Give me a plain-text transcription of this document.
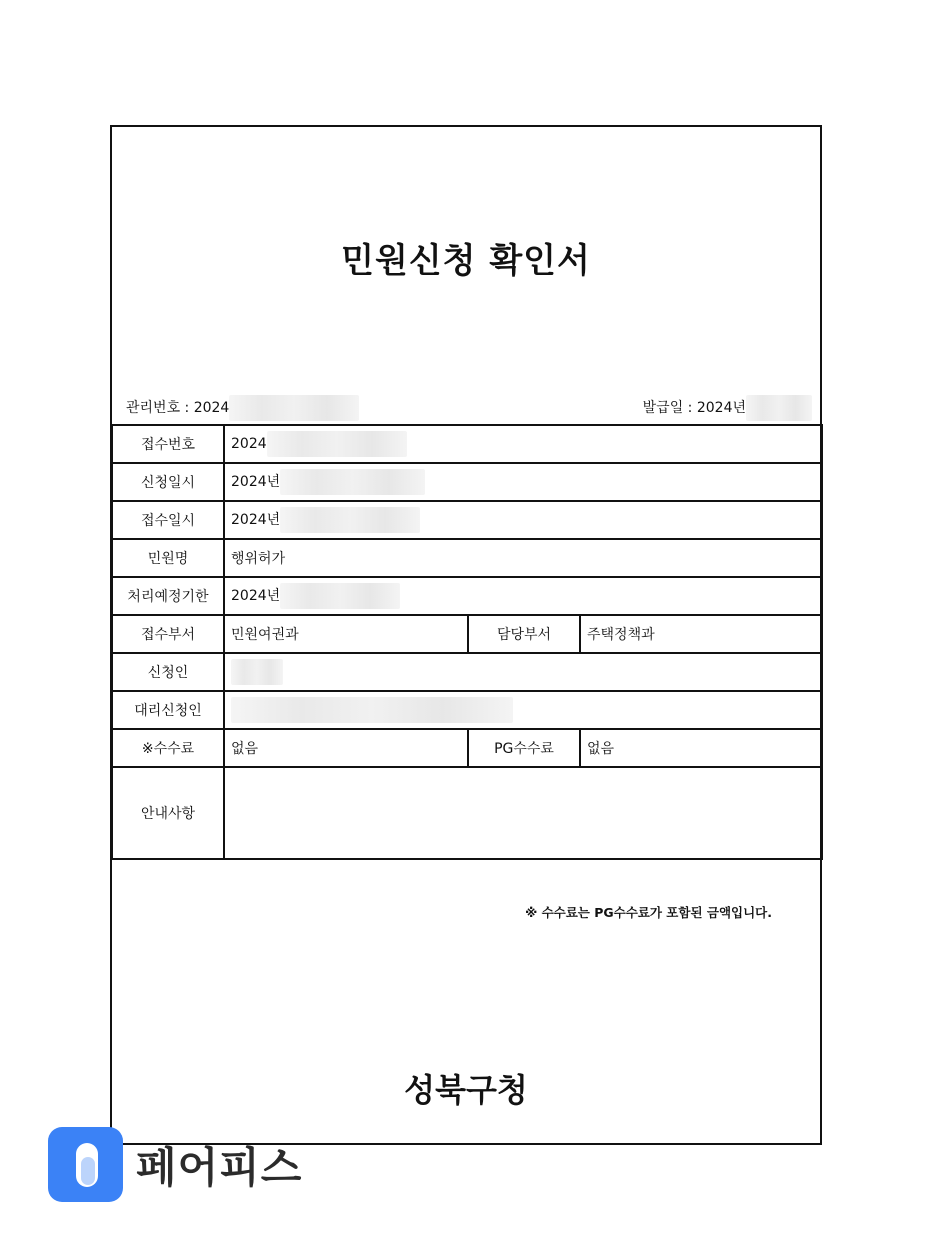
민원신청 확인서
관리번호 : 2024	발급일 : 2024년
접수번호	2024		
신청일시	2024년		
접수일시	2024년		
민원명	행위허가		
처리예정기한	2024년		
접수부서	민원여권과	담당부서	주택정책과
신청인			
대리신청인			
※수수료	없음	PG수수료	없음
안내사항			
※ 수수료는 PG수수료가 포함된 금액입니다.
성북구청
페어피스
